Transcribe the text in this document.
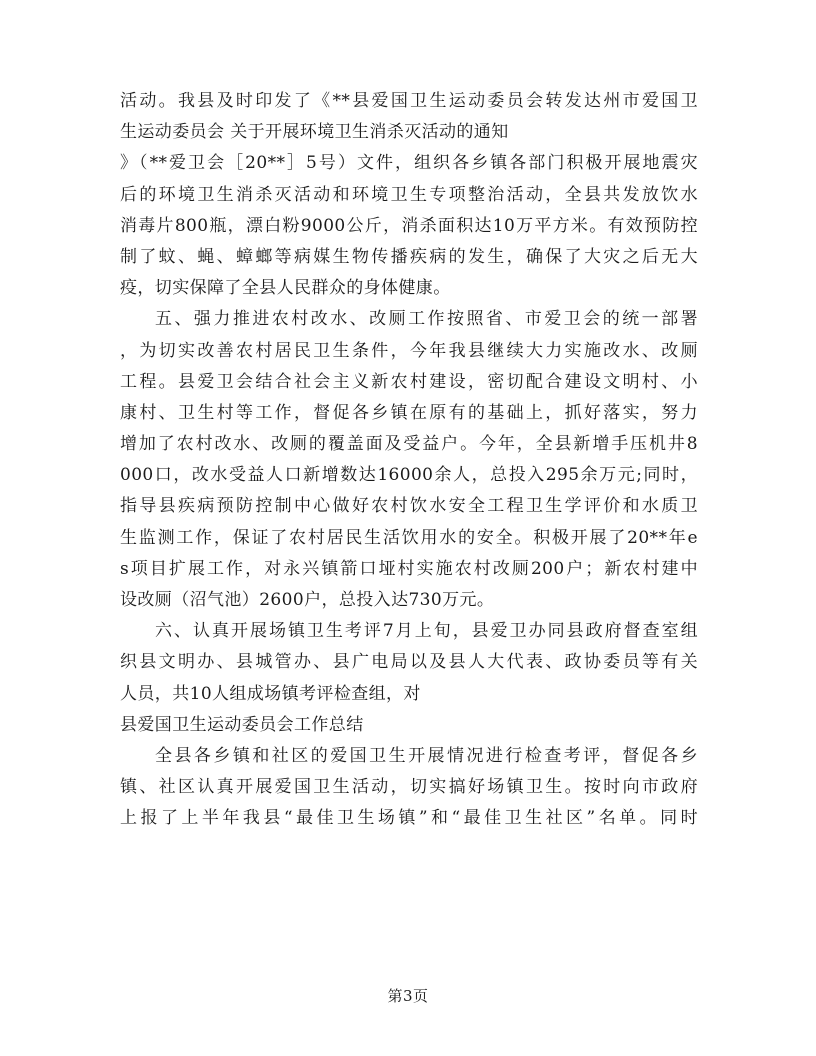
活动。我县及时印发了《**县爱国卫生运动委员会转发达州市爱国卫
生运动委员会 关于开展环境卫生消杀灭活动的通知
》（**爱卫会［20**］5号）文件，组织各乡镇各部门积极开展地震灾
后的环境卫生消杀灭活动和环境卫生专项整治活动，全县共发放饮水
消毒片800瓶，漂白粉9000公斤，消杀面积达10万平方米。有效预防控
制了蚊、蝇、蟑螂等病媒生物传播疾病的发生，确保了大灾之后无大
疫，切实保障了全县人民群众的身体健康。
五、强力推进农村改水、改厕工作按照省、市爱卫会的统一部署
，为切实改善农村居民卫生条件，今年我县继续大力实施改水、改厕
工程。县爱卫会结合社会主义新农村建设，密切配合建设文明村、小
康村、卫生村等工作，督促各乡镇在原有的基础上，抓好落实，努力
增加了农村改水、改厕的覆盖面及受益户。今年，全县新增手压机井8
000口，改水受益人口新增数达16000余人，总投入295余万元;同时，
指导县疾病预防控制中心做好农村饮水安全工程卫生学评价和水质卫
生监测工作，保证了农村居民生活饮用水的安全。积极开展了20**年e
s项目扩展工作，对永兴镇箭口垭村实施农村改厕200户；新农村建中
设改厕（沼气池）2600户，总投入达730万元。
六、认真开展场镇卫生考评7月上旬，县爱卫办同县政府督查室组
织县文明办、县城管办、县广电局以及县人大代表、政协委员等有关
人员，共10人组成场镇考评检查组，对
县爱国卫生运动委员会工作总结
全县各乡镇和社区的爱国卫生开展情况进行检查考评，督促各乡
镇、社区认真开展爱国卫生活动，切实搞好场镇卫生。按时向市政府
上报了上半年我县“最佳卫生场镇”和“最佳卫生社区”名单。同时
第3页
